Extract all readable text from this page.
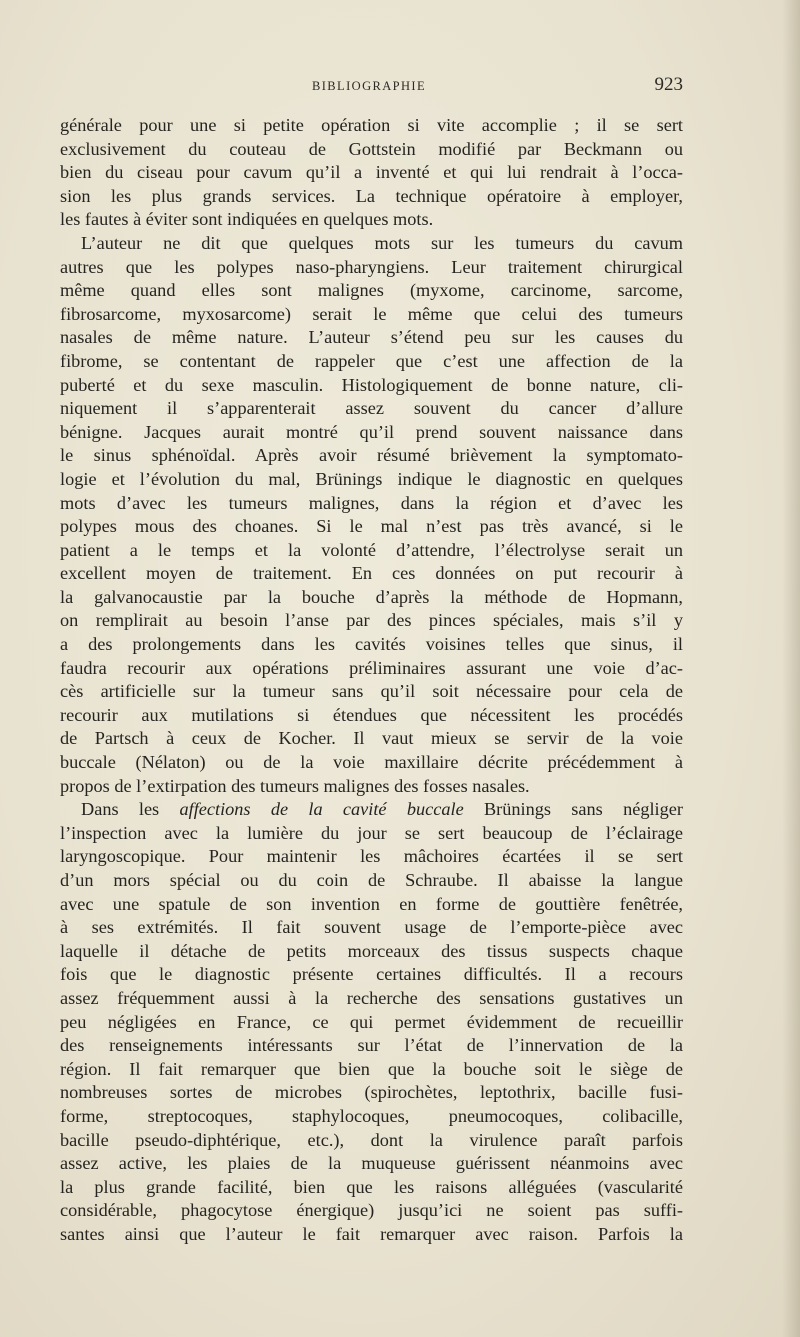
BIBLIOGRAPHIE	923
générale pour une si petite opération si vite accomplie ; il se sert
exclusivement du couteau de Gottstein modifié par Beckmann ou
bien du ciseau pour cavum qu’il a inventé et qui lui rendrait à l’occa-
sion les plus grands services. La technique opératoire à employer,
les fautes à éviter sont indiquées en quelques mots.
L’auteur ne dit que quelques mots sur les tumeurs du cavum
autres que les polypes naso-pharyngiens. Leur traitement chirurgical
même quand elles sont malignes (myxome, carcinome, sarcome,
fibrosarcome, myxosarcome) serait le même que celui des tumeurs
nasales de même nature. L’auteur s’étend peu sur les causes du
fibrome, se contentant de rappeler que c’est une affection de la
puberté et du sexe masculin. Histologiquement de bonne nature, cli-
niquement il s’apparenterait assez souvent du cancer d’allure
bénigne. Jacques aurait montré qu’il prend souvent naissance dans
le sinus sphénoïdal. Après avoir résumé brièvement la symptomato-
logie et l’évolution du mal, Brünings indique le diagnostic en quelques
mots d’avec les tumeurs malignes, dans la région et d’avec les
polypes mous des choanes. Si le mal n’est pas très avancé, si le
patient a le temps et la volonté d’attendre, l’électrolyse serait un
excellent moyen de traitement. En ces données on put recourir à
la galvanocaustie par la bouche d’après la méthode de Hopmann,
on remplirait au besoin l’anse par des pinces spéciales, mais s’il y
a des prolongements dans les cavités voisines telles que sinus, il
faudra recourir aux opérations préliminaires assurant une voie d’ac-
cès artificielle sur la tumeur sans qu’il soit nécessaire pour cela de
recourir aux mutilations si étendues que nécessitent les procédés
de Partsch à ceux de Kocher. Il vaut mieux se servir de la voie
buccale (Nélaton) ou de la voie maxillaire décrite précédemment à
propos de l’extirpation des tumeurs malignes des fosses nasales.
Dans les affections de la cavité buccale Brünings sans négliger
l’inspection avec la lumière du jour se sert beaucoup de l’éclairage
laryngoscopique. Pour maintenir les mâchoires écartées il se sert
d’un mors spécial ou du coin de Schraube. Il abaisse la langue
avec une spatule de son invention en forme de gouttière fenêtrée,
à ses extrémités. Il fait souvent usage de l’emporte-pièce avec
laquelle il détache de petits morceaux des tissus suspects chaque
fois que le diagnostic présente certaines difficultés. Il a recours
assez fréquemment aussi à la recherche des sensations gustatives un
peu négligées en France, ce qui permet évidemment de recueillir
des renseignements intéressants sur l’état de l’innervation de la
région. Il fait remarquer que bien que la bouche soit le siège de
nombreuses sortes de microbes (spirochètes, leptothrix, bacille fusi-
forme, streptocoques, staphylocoques, pneumocoques, colibacille,
bacille pseudo-diphtérique, etc.), dont la virulence paraît parfois
assez active, les plaies de la muqueuse guérissent néanmoins avec
la plus grande facilité, bien que les raisons alléguées (vascularité
considérable, phagocytose énergique) jusqu’ici ne soient pas suffi-
santes ainsi que l’auteur le fait remarquer avec raison. Parfois la
